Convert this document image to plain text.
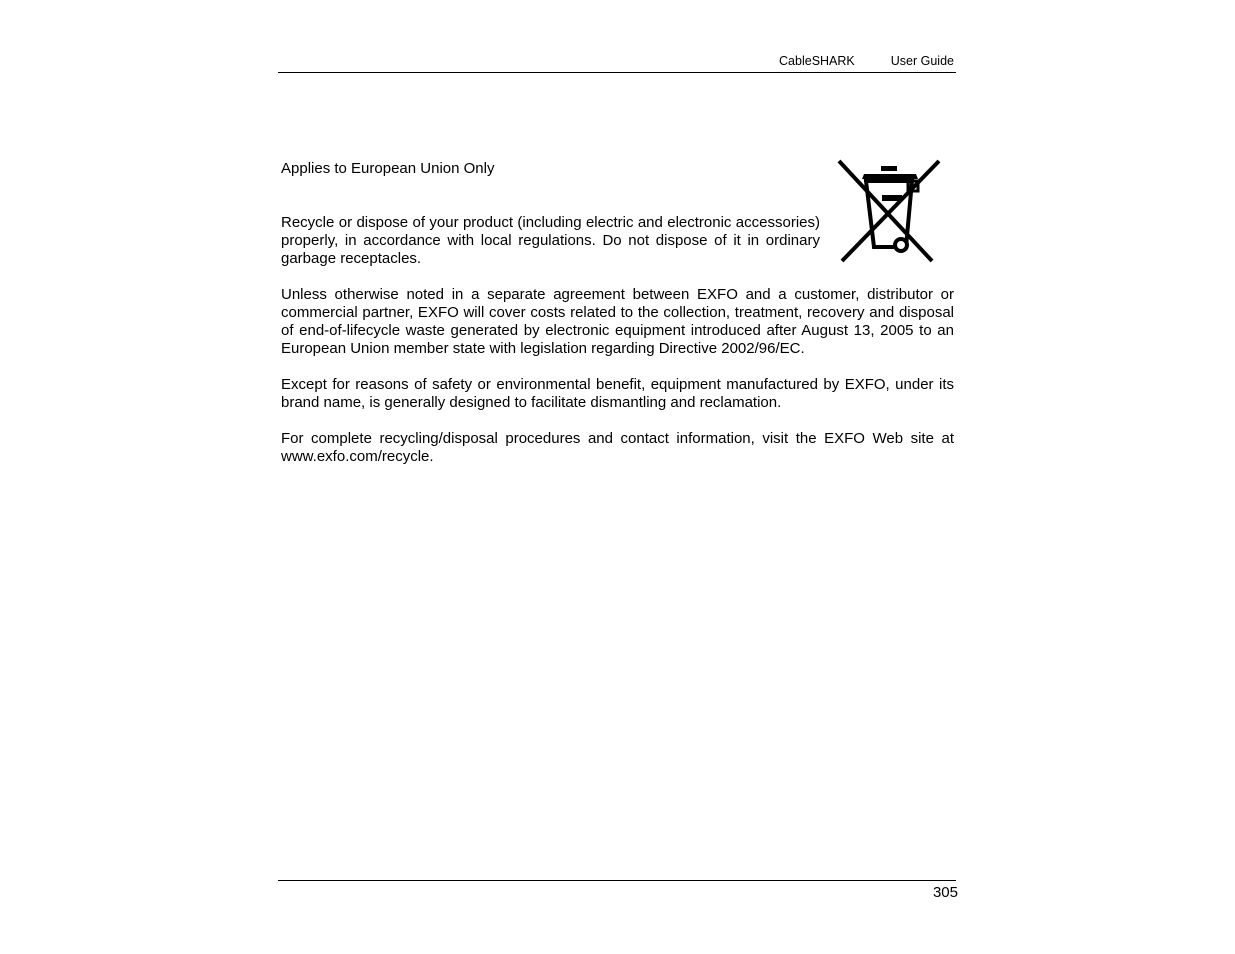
CableSHARK	User Guide
Applies to European Union Only

Recycle or dispose of your product (including electric and electronic accessories) properly, in accordance with local regulations. Do not dispose of it in ordinary garbage receptacles.

Unless otherwise noted in a separate agreement between EXFO and a customer, distributor or commercial partner, EXFO will cover costs related to the collection, treatment, recovery and disposal of end-of-lifecycle waste generated by electronic equipment introduced after August 13, 2005 to an European Union member state with legislation regarding Directive 2002/96/EC.

Except for reasons of safety or environmental benefit, equipment manufactured by EXFO, under its brand name, is generally designed to facilitate dismantling and reclamation.

For complete recycling/disposal procedures and contact information, visit the EXFO Web site at www.exfo.com/recycle.

305
